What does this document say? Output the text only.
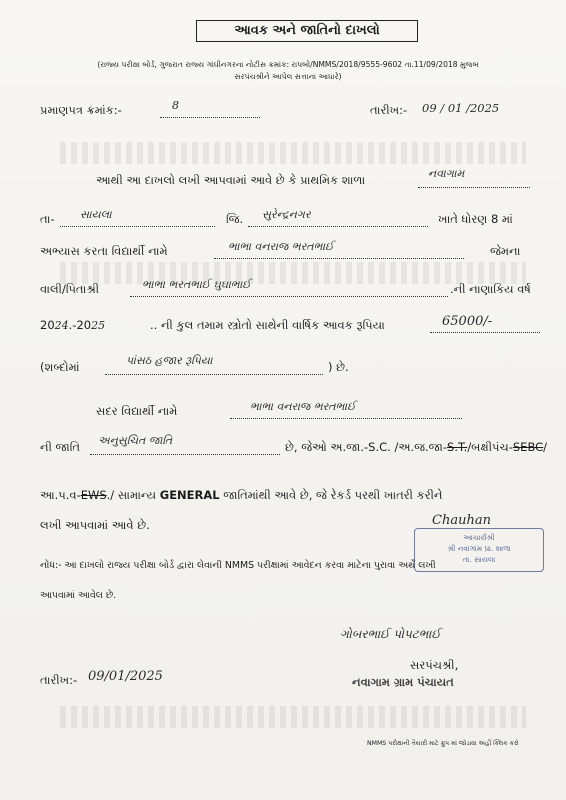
આવક અને જાતિનો દાખલો
(રાજ્ય પરીક્ષા બોર્ડ, ગુજરાત રાજ્ય ગાંધીનગરના નોટીસ ક્રમાંક: રાપબો/NMMS/2018/9555-9602 તા.11/09/2018 મુજબ
સરપંચશ્રીને આપેલ સત્તાના આધારે)
પ્રમાણપત્ર ક્રમાંક:-	8	તારીખ:- 09 / 01 /2025
આથી આ દાખલો લખી આપવામાં આવે છે કે પ્રાથમિક શાળા	નવાગામ
તા- સાયલા	જિ. સુરેન્દ્રનગર	ખાતે ધોરણ 8 માં
અભ્યાસ કરતા વિદ્યાર્થી નામે	ભાભા વનરાજ ભરતભાઈ	જેમના
વાલી/પિતાશ્રી	ભાભા ભરતભાઈ ઘુઘાભાઈ	.ની નાણાકિય વર્ષ
2024.-2025	.. ની કુલ તમામ સ્ત્રોતો સાથેની વાર્ષિક આવક રૂપિયા	65000/-
(શબ્દોમાં	પાંસઠ હજાર રૂપિયા	) છે.
સદર વિદ્યાર્થી નામે	ભાભા વનરાજ ભરતભાઈ
ની જાતિ અનુસુચિત જાતિ	છે, જેઓ અ.જા.-S.C. /અ.જ.જા-S.T./બક્ષીપંચ-SEBC/
આ.પ.વ-EWS./ સામાન્ય GENERAL જાતિમાંથી આવે છે, જે રેકર્ડ પરથી ખાતરી કરીને
લખી આપવામાં આવે છે.	Chauhan
આચાર્યશ્રી
શ્રી નવાગામ પ્રા. શાળા
તા. સાયલા
નોંધ:- આ દાખલો રાજ્ય પરીક્ષા બોર્ડ દ્વારા લેવાની NMMS પરીક્ષામાં આવેદન કરવા માટેના પુરાવા અર્થે લખી
આપવામાં આવેલ છે.
ગોબરભાઈ પોપટભાઈ
સરપંચશ્રી,
નવાગામ ગ્રામ પંચાયત
તારીખ:- 09/01/2025
NMMS પરીક્ષાની તૈયારી માટે ગ્રુપ માં જોડાવા અહીં ક્લિક કરો
